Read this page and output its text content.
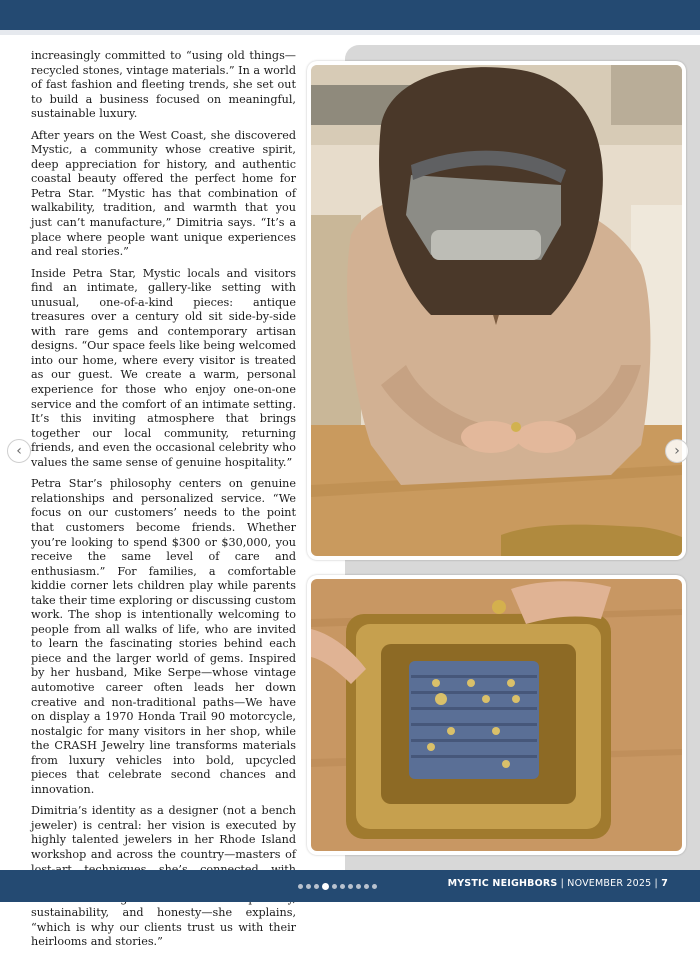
increasingly committed to “using old things—recycled stones, vintage materials.” In a world of fast fashion and fleeting trends, she set out to build a business focused on meaningful, sustainable luxury.

After years on the West Coast, she discovered Mystic, a community whose creative spirit, deep appreciation for history, and authentic coastal beauty offered the perfect home for Petra Star. “Mystic has that combination of walkability, tradition, and warmth that you just can’t manufacture,” Dimitria says. “It’s a place where people want unique experiences and real stories.”

Inside Petra Star, Mystic locals and visitors find an intimate, gallery-like setting with unusual, one-of-a-kind pieces: antique treasures over a century old sit side-by-side with rare gems and contemporary artisan designs. “Our space feels like being welcomed into our home, where every visitor is treated as our guest. We create a warm, personal experience for those who enjoy one-on-one service and the comfort of an intimate setting. It’s this inviting atmosphere that brings together our local community, returning friends, and even the occasional celebrity who values the same sense of genuine hospitality.”

Petra Star’s philosophy centers on genuine relationships and personalized service. “We focus on our customers’ needs to the point that customers become friends. Whether you’re looking to spend $300 or $30,000, you receive the same level of care and enthusiasm.” For families, a comfortable kiddie corner lets children play while parents take their time exploring or discussing custom work. The shop is intentionally welcoming to people from all walks of life, who are invited to learn the fascinating stories behind each piece and the larger world of gems. Inspired by her husband, Mike Serpe—whose vintage automotive career often leads her down creative and non-traditional paths—We have on display a 1970 Honda Trail 90 motorcycle, nostalgic for many visitors in her shop, while the CRASH Jewelry line transforms materials from luxury vehicles into bold, upcycled pieces that celebrate second chances and innovation.

Dimitria’s identity as a designer (not a bench jeweler) is central: her vision is executed by highly talented jewelers in her Rhode Island workshop and across the country—masters of sustainability, and honesty—she explains, “which is why our clients trust us with their heirlooms and stories.”

‹	›
MYSTIC NEIGHBORS | NOVEMBER 2025 | 7
